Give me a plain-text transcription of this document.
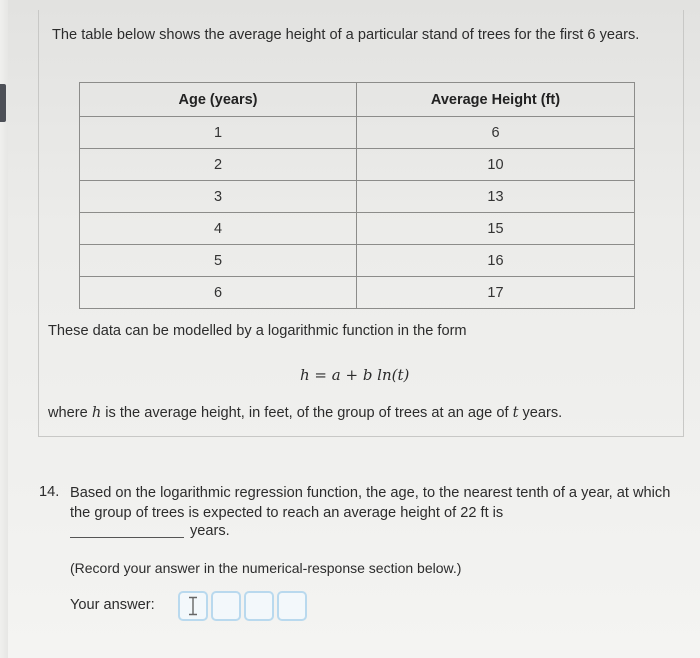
The table below shows the average height of a particular stand of trees for the first 6 years.
Age (years)	Average Height (ft)
1	6
2	10
3	13
4	15
5	16
6	17
These data can be modelled by a logarithmic function in the form
h = a + b ln(t)
where h is the average height, in feet, of the group of trees at an age of t years.
14. Based on the logarithmic regression function, the age, to the nearest tenth of a year, at which the group of trees is expected to reach an average height of 22 ft is
years.
(Record your answer in the numerical-response section below.)
Your answer:
